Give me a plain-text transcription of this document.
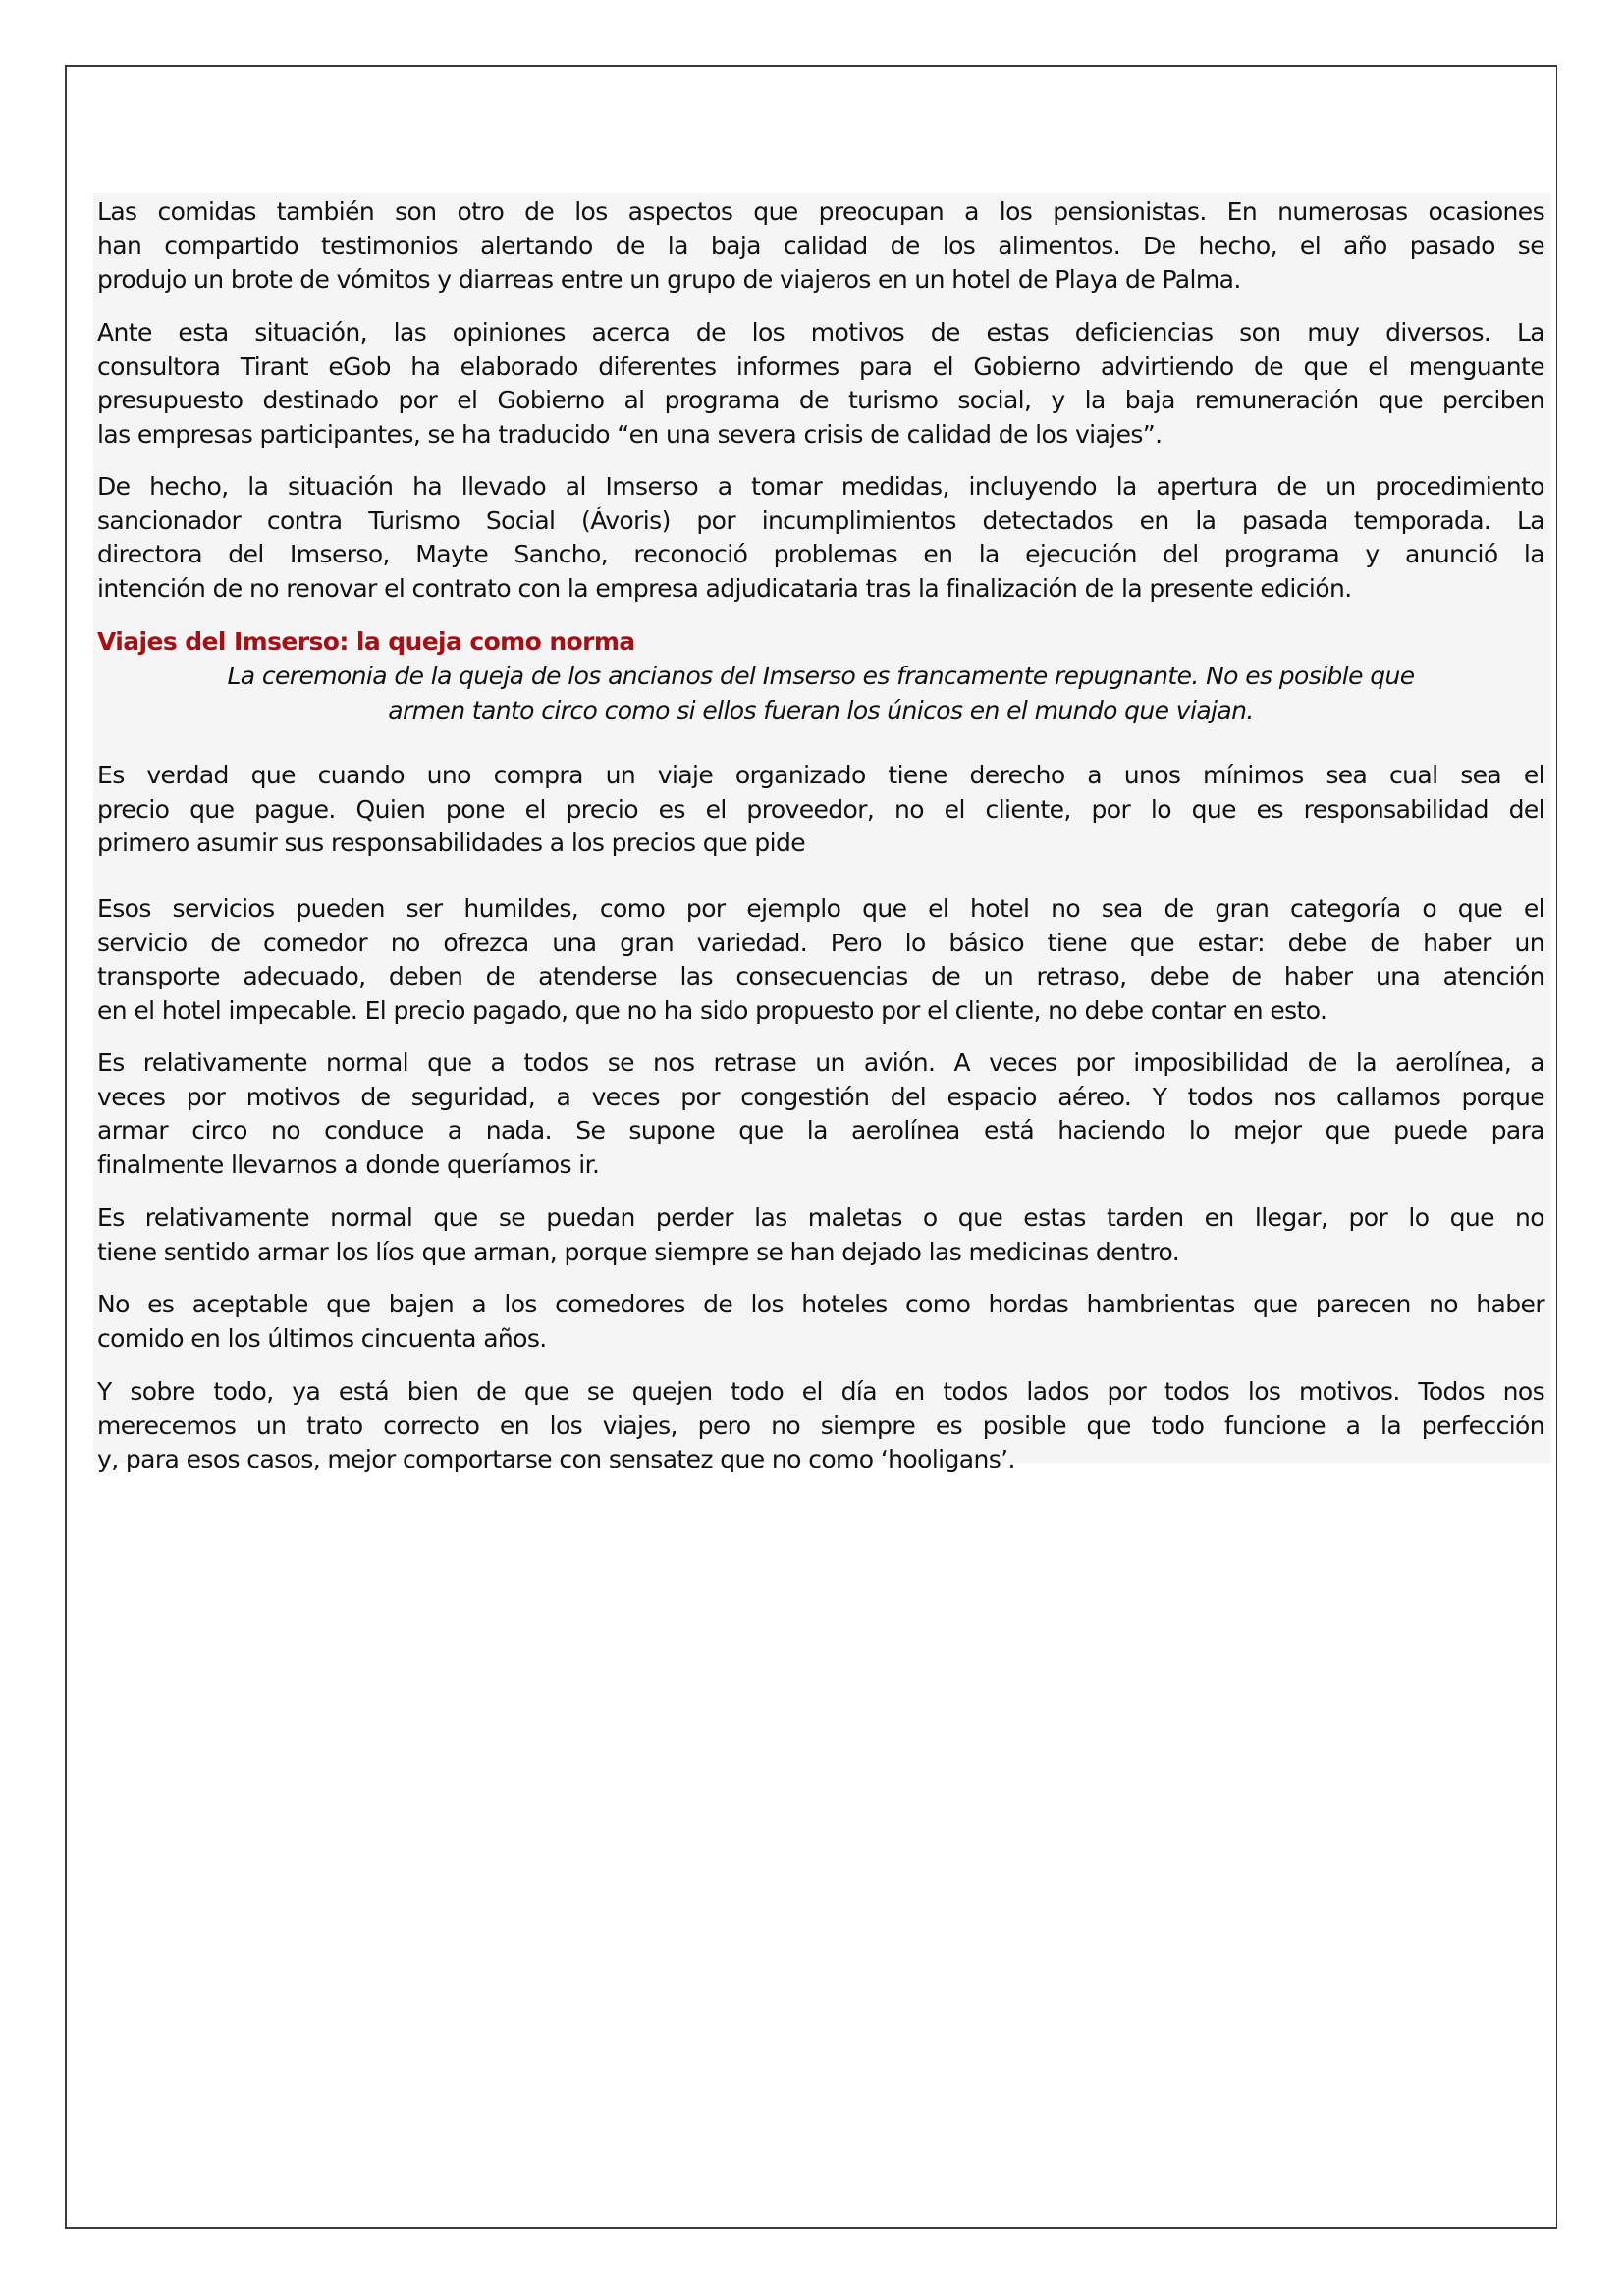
Las comidas también son otro de los aspectos que preocupan a los pensionistas. En numerosas ocasiones
han compartido testimonios alertando de la baja calidad de los alimentos. De hecho, el año pasado se
produjo un brote de vómitos y diarreas entre un grupo de viajeros en un hotel de Playa de Palma.
Ante esta situación, las opiniones acerca de los motivos de estas deficiencias son muy diversos. La
consultora Tirant eGob ha elaborado diferentes informes para el Gobierno advirtiendo de que el menguante
presupuesto destinado por el Gobierno al programa de turismo social, y la baja remuneración que perciben
las empresas participantes, se ha traducido “en una severa crisis de calidad de los viajes”.
De hecho, la situación ha llevado al Imserso a tomar medidas, incluyendo la apertura de un procedimiento
sancionador contra Turismo Social (Ávoris) por incumplimientos detectados en la pasada temporada. La
directora del Imserso, Mayte Sancho, reconoció problemas en la ejecución del programa y anunció la
intención de no renovar el contrato con la empresa adjudicataria tras la finalización de la presente edición.
Viajes del Imserso: la queja como norma
La ceremonia de la queja de los ancianos del Imserso es francamente repugnante. No es posible que
armen tanto circo como si ellos fueran los únicos en el mundo que viajan.
Es verdad que cuando uno compra un viaje organizado tiene derecho a unos mínimos sea cual sea el
precio que pague. Quien pone el precio es el proveedor, no el cliente, por lo que es responsabilidad del
primero asumir sus responsabilidades a los precios que pide
Esos servicios pueden ser humildes, como por ejemplo que el hotel no sea de gran categoría o que el
servicio de comedor no ofrezca una gran variedad. Pero lo básico tiene que estar: debe de haber un
transporte adecuado, deben de atenderse las consecuencias de un retraso, debe de haber una atención
en el hotel impecable. El precio pagado, que no ha sido propuesto por el cliente, no debe contar en esto.
Es relativamente normal que a todos se nos retrase un avión. A veces por imposibilidad de la aerolínea, a
veces por motivos de seguridad, a veces por congestión del espacio aéreo. Y todos nos callamos porque
armar circo no conduce a nada. Se supone que la aerolínea está haciendo lo mejor que puede para
finalmente llevarnos a donde queríamos ir.
Es relativamente normal que se puedan perder las maletas o que estas tarden en llegar, por lo que no
tiene sentido armar los líos que arman, porque siempre se han dejado las medicinas dentro.
No es aceptable que bajen a los comedores de los hoteles como hordas hambrientas que parecen no haber
comido en los últimos cincuenta años.
Y sobre todo, ya está bien de que se quejen todo el día en todos lados por todos los motivos. Todos nos
merecemos un trato correcto en los viajes, pero no siempre es posible que todo funcione a la perfección
y, para esos casos, mejor comportarse con sensatez que no como ‘hooligans’.
